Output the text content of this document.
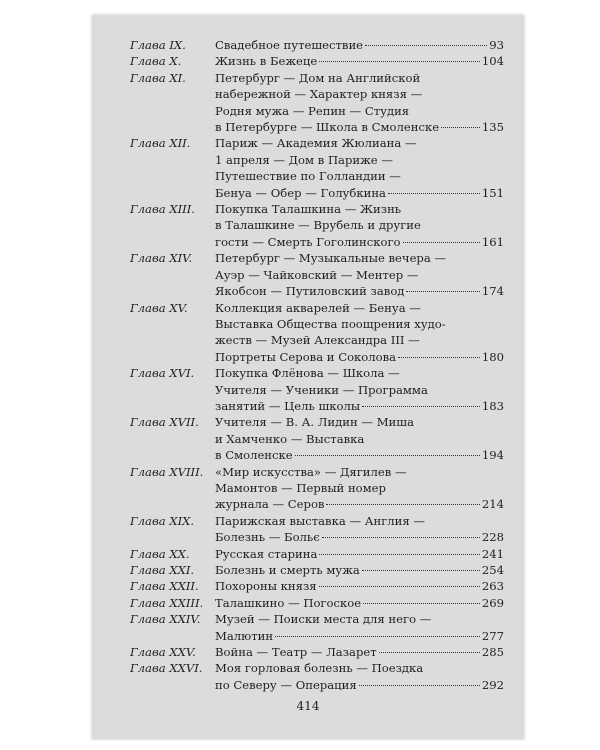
Глава IX.	Свадебное путешествие	93
Глава X.	Жизнь в Бежеце	104
Глава XI.	Петербург — Дом на Английской
набережной — Характер князя —
Родня мужа — Репин — Студия
в Петербурге — Школа в Смоленске	135
Глава XII.	Париж — Академия Жюлиана —
1 апреля — Дом в Париже —
Путешествие по Голландии —
Бенуа — Обер — Голубкина	151
Глава XIII.	Покупка Талашкина — Жизнь
в Талашкине — Врубель и другие
гости — Смерть Гоголинского	161
Глава XIV.	Петербург — Музыкальные вечера —
Ауэр — Чайковский — Ментер —
Якобсон — Путиловский завод	174
Глава XV.	Коллекция акварелей — Бенуа —
Выставка Общества поощрения худо-
жеств — Музей Александра III —
Портреты Серова и Соколова	180
Глава XVI.	Покупка Флёнова — Школа —
Учителя — Ученики — Программа
занятий — Цель школы	183
Глава XVII.	Учителя — В. А. Лидин — Миша
и Хамченко — Выставка
в Смоленске	194
Глава XVIII.	«Мир искусства» — Дягилев —
Мамонтов — Первый номер
журнала — Серов	214
Глава XIX.	Парижская выставка — Англия —
Болезнь — Больє	228
Глава XX.	Русская старина	241
Глава XXI.	Болезнь и смерть мужа	254
Глава XXII.	Похороны князя	263
Глава XXIII.	Талашкино — Погоское	269
Глава XXIV.	Музей — Поиски места для него —
Малютин	277
Глава XXV.	Война — Театр — Лазарет	285
Глава XXVI.	Моя горловая болезнь — Поездка
по Северу — Операция	292
414
